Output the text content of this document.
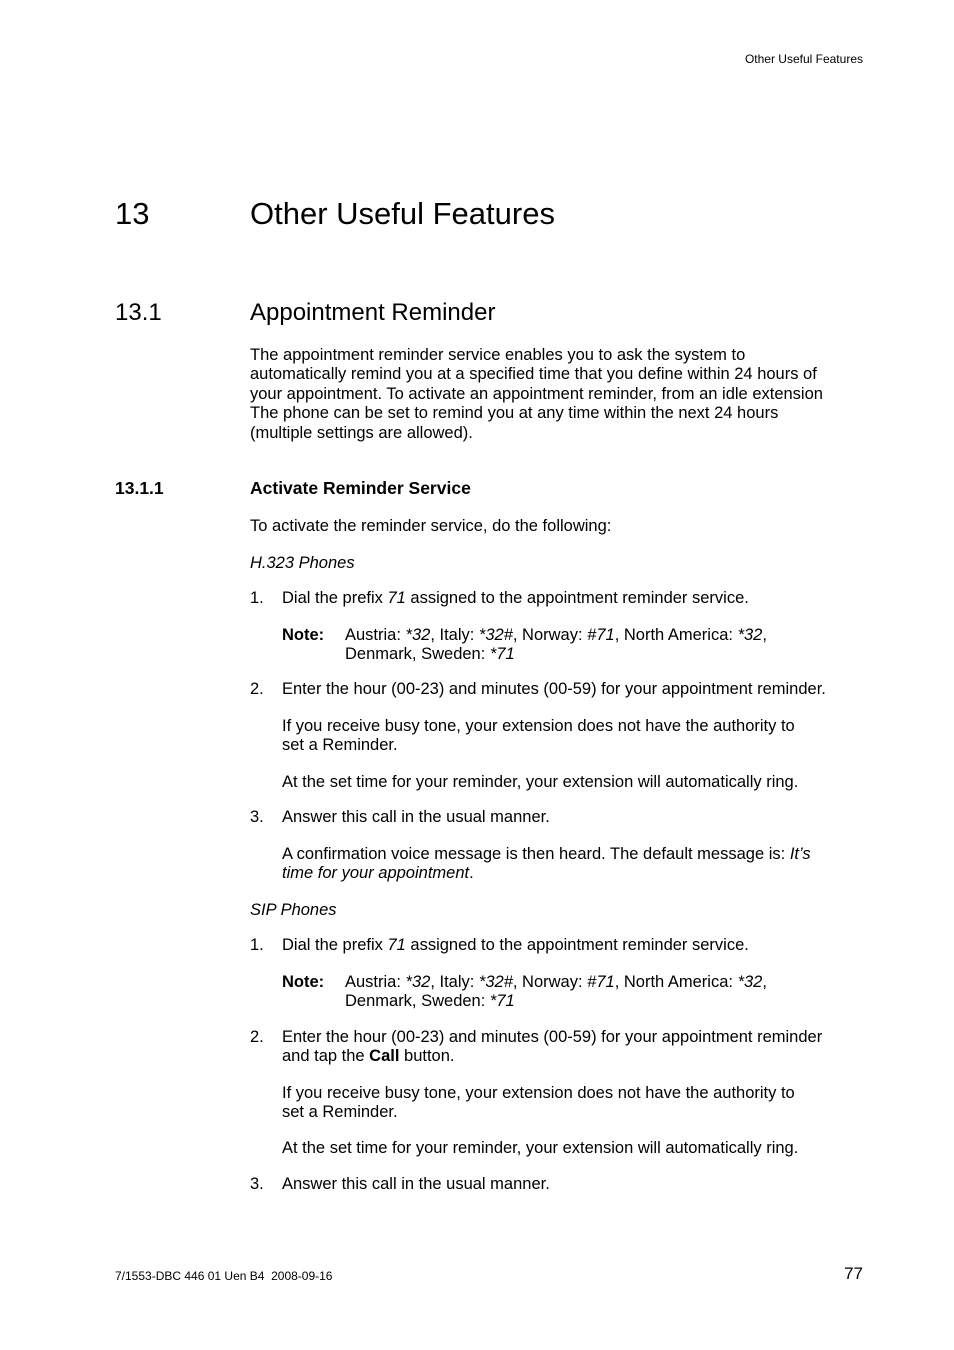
Other Useful Features
13	Other Useful Features
13.1	Appointment Reminder
The appointment reminder service enables you to ask the system to
automatically remind you at a specified time that you define within 24 hours of
your appointment. To activate an appointment reminder, from an idle extension
The phone can be set to remind you at any time within the next 24 hours
(multiple settings are allowed).
13.1.1	Activate Reminder Service
To activate the reminder service, do the following:
H.323 Phones
1. Dial the prefix 71 assigned to the appointment reminder service.
Note: Austria: *32, Italy: *32#, Norway: #71, North America: *32,
Denmark, Sweden: *71
2. Enter the hour (00-23) and minutes (00-59) for your appointment reminder.
If you receive busy tone, your extension does not have the authority to
set a Reminder.
At the set time for your reminder, your extension will automatically ring.
3. Answer this call in the usual manner.
A confirmation voice message is then heard. The default message is: It’s
time for your appointment.
SIP Phones
1. Dial the prefix 71 assigned to the appointment reminder service.
Note: Austria: *32, Italy: *32#, Norway: #71, North America: *32,
Denmark, Sweden: *71
2. Enter the hour (00-23) and minutes (00-59) for your appointment reminder
and tap the Call button.
If you receive busy tone, your extension does not have the authority to
set a Reminder.
At the set time for your reminder, your extension will automatically ring.
3. Answer this call in the usual manner.
7/1553-DBC 446 01 Uen B4  2008-09-16	77
